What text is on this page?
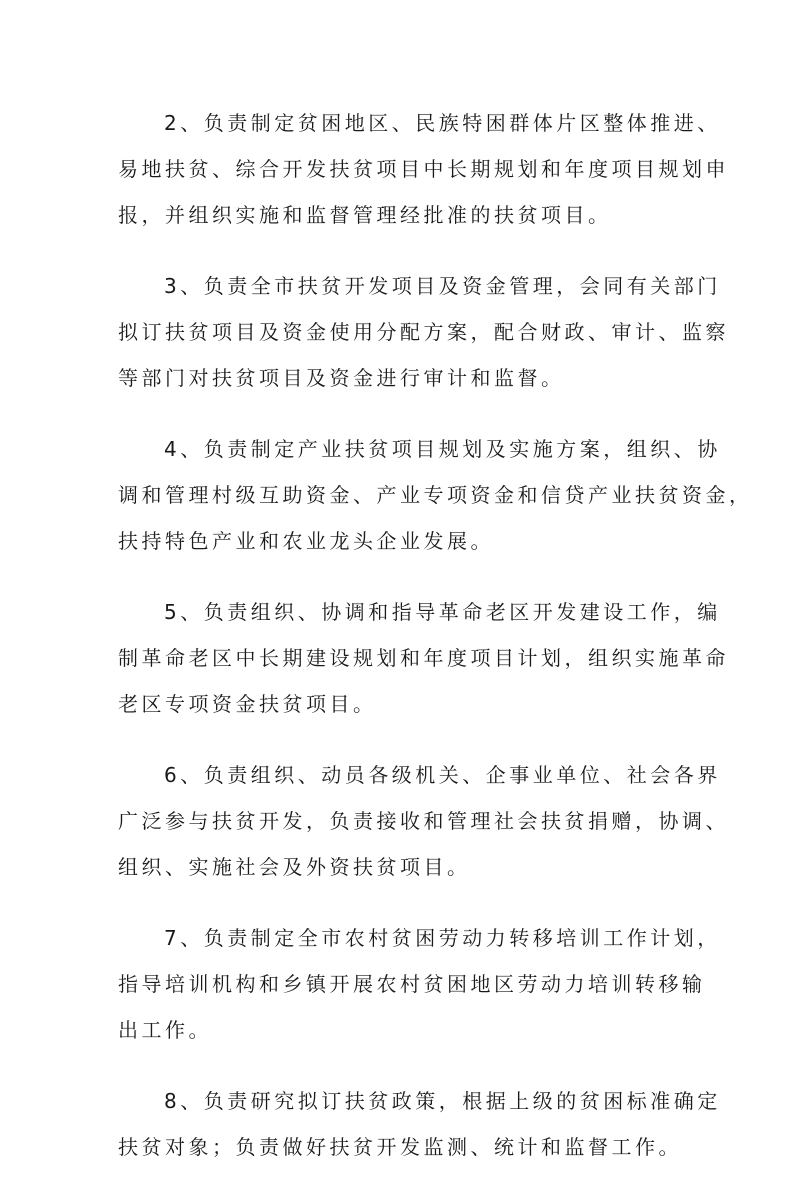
2、负责制定贫困地区、民族特困群体片区整体推进、
易地扶贫、综合开发扶贫项目中长期规划和年度项目规划申
报，并组织实施和监督管理经批准的扶贫项目。

3、负责全市扶贫开发项目及资金管理，会同有关部门
拟订扶贫项目及资金使用分配方案，配合财政、审计、监察
等部门对扶贫项目及资金进行审计和监督。

4、负责制定产业扶贫项目规划及实施方案，组织、协
调和管理村级互助资金、产业专项资金和信贷产业扶贫资金，
扶持特色产业和农业龙头企业发展。

5、负责组织、协调和指导革命老区开发建设工作，编
制革命老区中长期建设规划和年度项目计划，组织实施革命
老区专项资金扶贫项目。

6、负责组织、动员各级机关、企事业单位、社会各界
广泛参与扶贫开发，负责接收和管理社会扶贫捐赠，协调、
组织、实施社会及外资扶贫项目。

7、负责制定全市农村贫困劳动力转移培训工作计划，
指导培训机构和乡镇开展农村贫困地区劳动力培训转移输
出工作。

8、负责研究拟订扶贫政策，根据上级的贫困标准确定
扶贫对象；负责做好扶贫开发监测、统计和监督工作。
